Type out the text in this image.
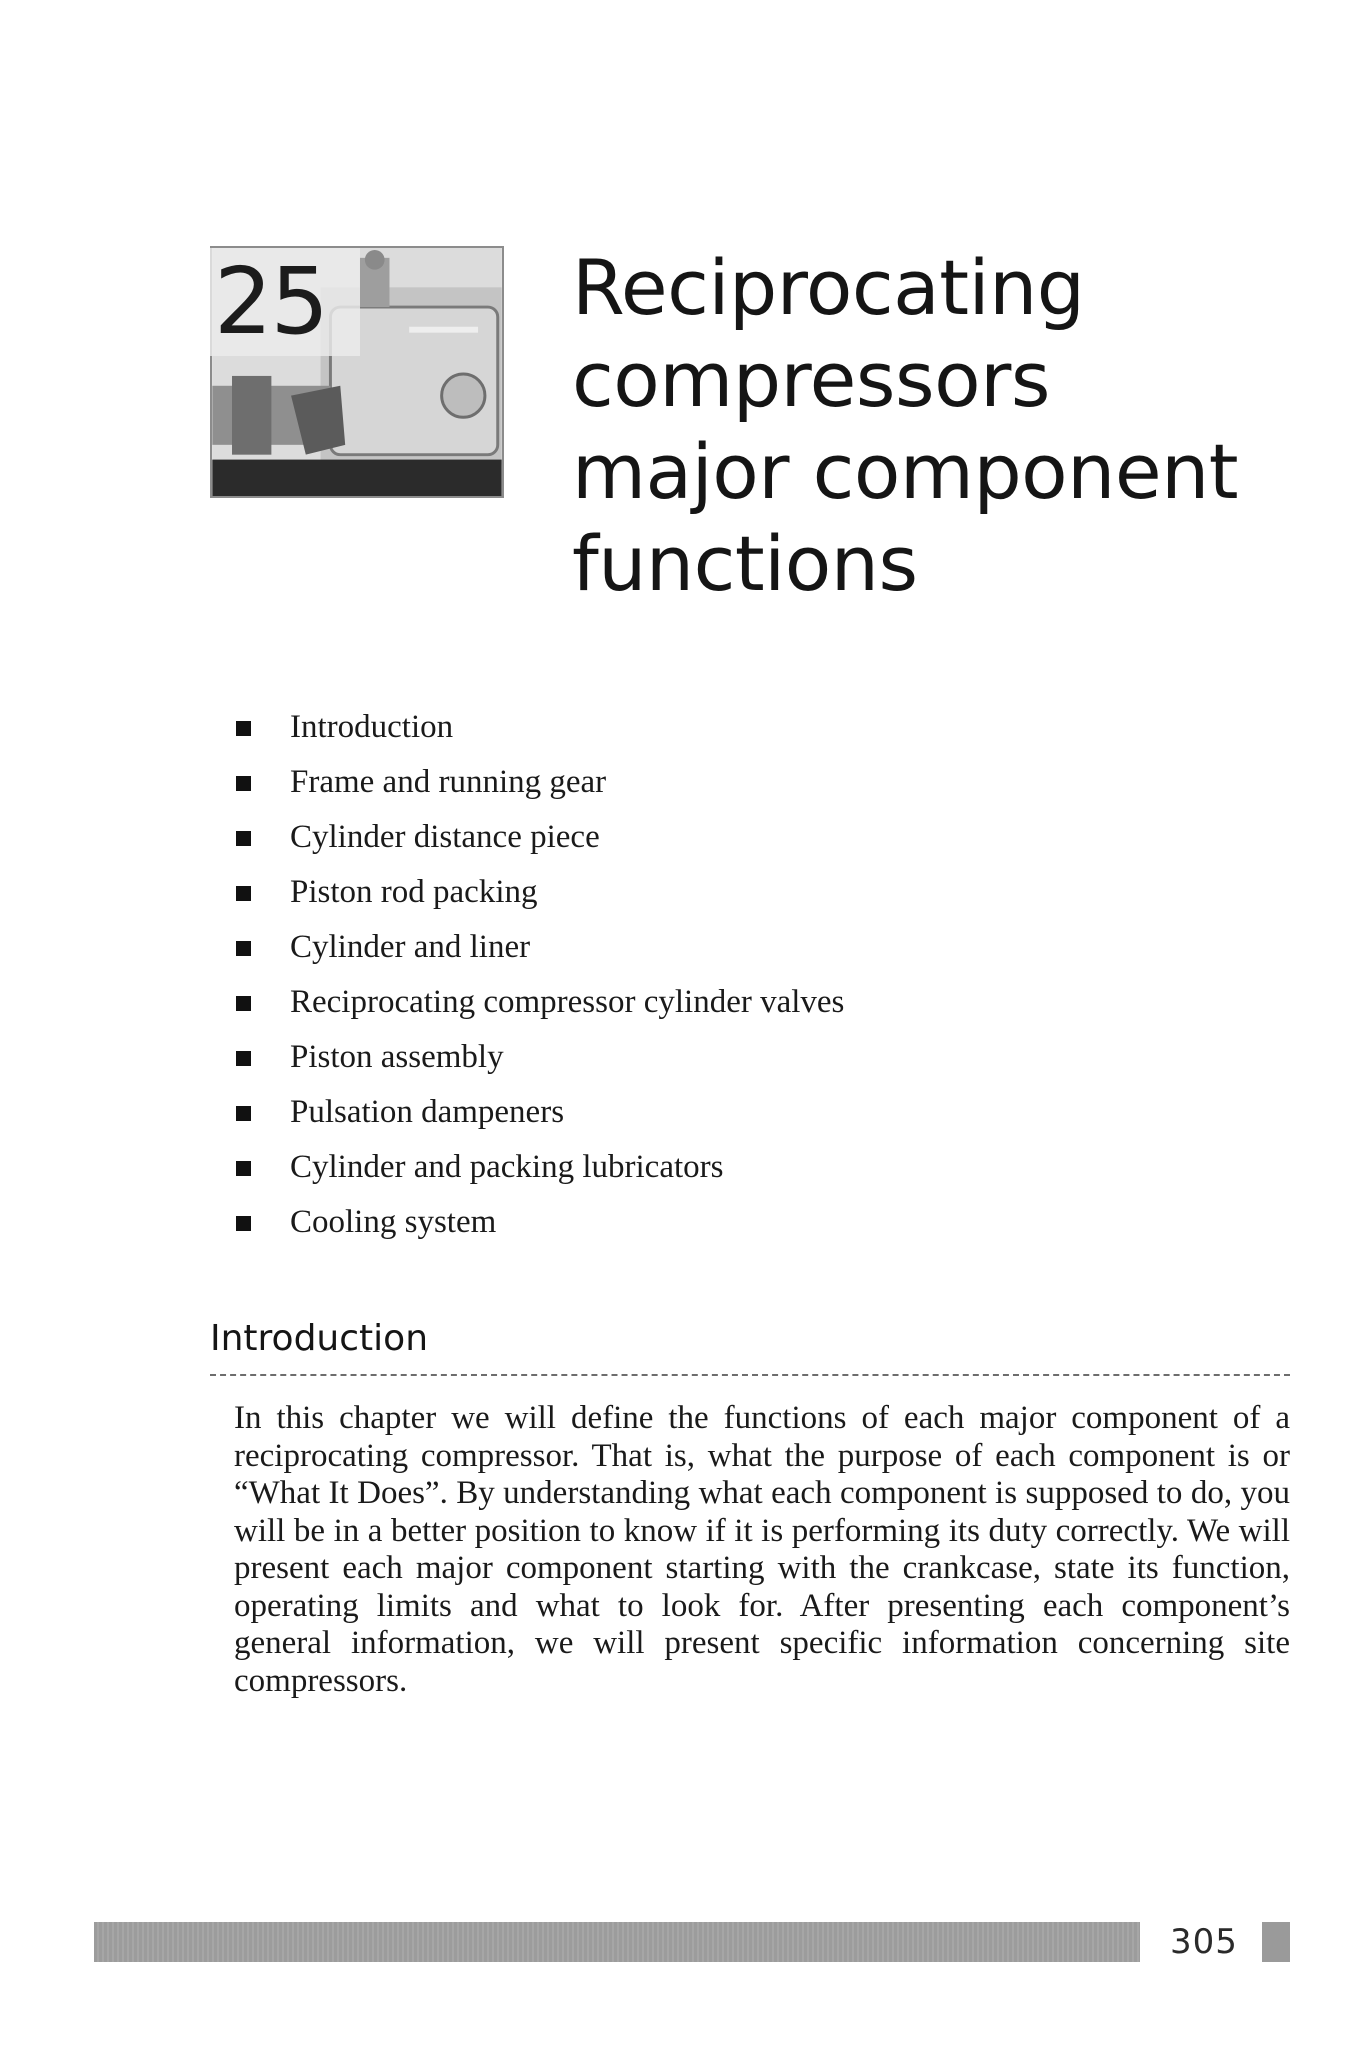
25	Reciprocating
compressors
major component
functions
Introduction
Frame and running gear
Cylinder distance piece
Piston rod packing
Cylinder and liner
Reciprocating compressor cylinder valves
Piston assembly
Pulsation dampeners
Cylinder and packing lubricators
Cooling system
Introduction

In this chapter we will define the functions of each major component of a reciprocating compressor. That is, what the purpose of each component is or “What It Does”. By understanding what each component is supposed to do, you will be in a better position to know if it is performing its duty correctly. We will present each major component starting with the crankcase, state its function, operating limits and what to look for. After presenting each component’s general information, we will present specific information concerning site compressors.

305
